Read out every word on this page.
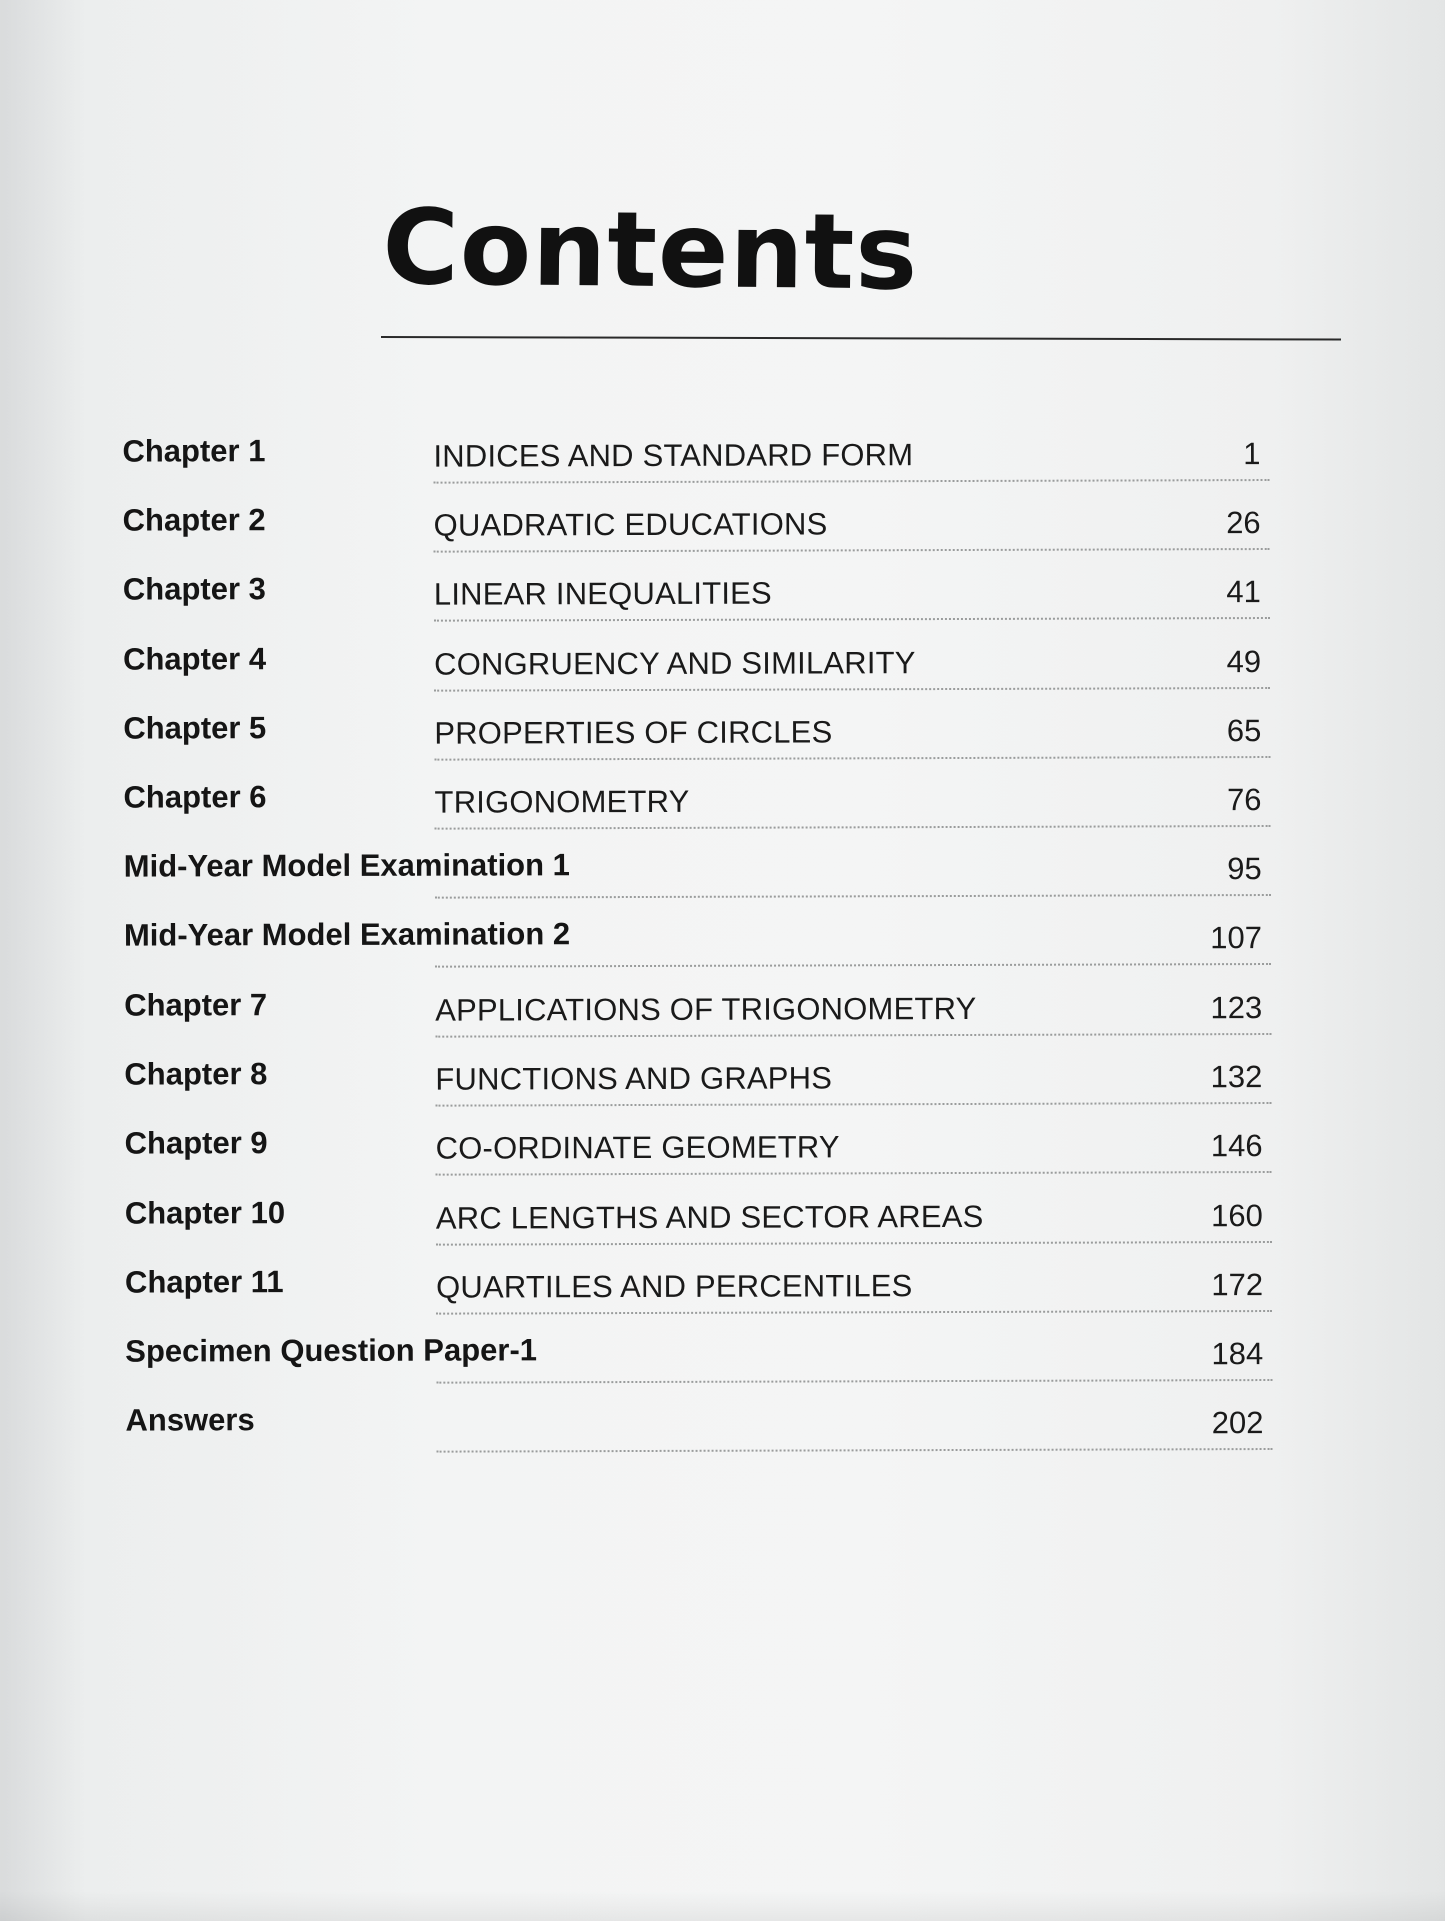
Contents
Chapter 1	INDICES AND STANDARD FORM	1
Chapter 2	QUADRATIC EDUCATIONS	26
Chapter 3	LINEAR INEQUALITIES	41
Chapter 4	CONGRUENCY AND SIMILARITY	49
Chapter 5	PROPERTIES OF CIRCLES	65
Chapter 6	TRIGONOMETRY	76
Mid-Year Model Examination 1	95
Mid-Year Model Examination 2	107
Chapter 7	APPLICATIONS OF TRIGONOMETRY	123
Chapter 8	FUNCTIONS AND GRAPHS	132
Chapter 9	CO-ORDINATE GEOMETRY	146
Chapter 10	ARC LENGTHS AND SECTOR AREAS	160
Chapter 11	QUARTILES AND PERCENTILES	172
Specimen Question Paper-1	184
Answers	202
